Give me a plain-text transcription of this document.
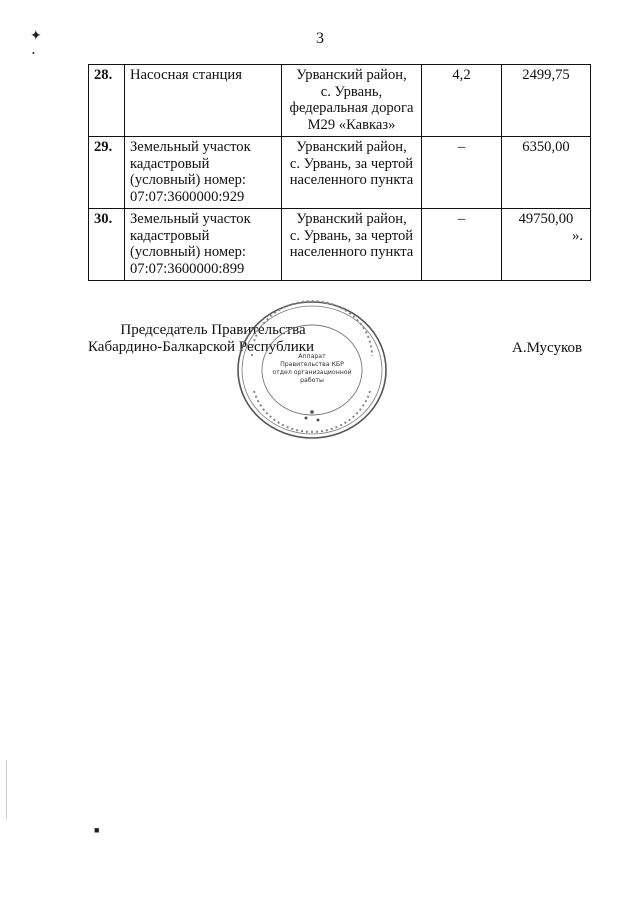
3
✦
•
■
28.	Насосная станция	Урванский район,
с. Урвань,
федеральная дорога
М29 «Кавказ»	4,2	2499,75
29.	Земельный участок
кадастровый
(условный) номер:
07:07:3600000:929	Урванский район,
с. Урвань, за чертой
населенного пункта	–	6350,00
30.	Земельный участок
кадастровый
(условный) номер:
07:07:3600000:899	Урванский район,
с. Урвань, за чертой
населенного пункта	–	49750,00
».
Председатель Правительства
Кабардино-Балкарской Республики
Аппарат
Правительства КБР
отдел организационной
работы
А.Мусуков
